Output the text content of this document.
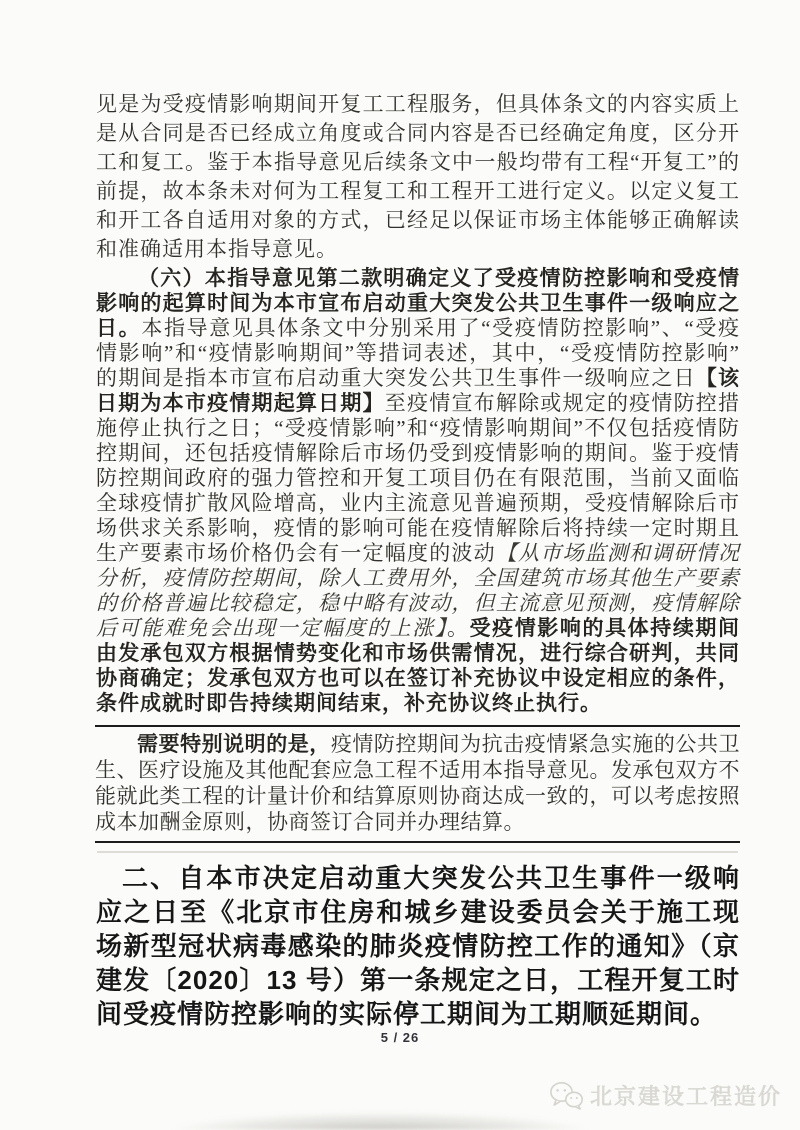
见是为受疫情影响期间开复工工程服务，但具体条文的内容实质上是从合同是否已经成立角度或合同内容是否已经确定角度，区分开工和复工。鉴于本指导意见后续条文中一般均带有工程“开复工”的前提，故本条未对何为工程复工和工程开工进行定义。以定义复工和开工各自适用对象的方式，已经足以保证市场主体能够正确解读和准确适用本指导意见。

（六）本指导意见第二款明确定义了受疫情防控影响和受疫情影响的起算时间为本市宣布启动重大突发公共卫生事件一级响应之日。本指导意见具体条文中分别采用了“受疫情防控影响”、“受疫情影响”和“疫情影响期间”等措词表述，其中，“受疫情防控影响”的期间是指本市宣布启动重大突发公共卫生事件一级响应之日【该日期为本市疫情期起算日期】至疫情宣布解除或规定的疫情防控措施停止执行之日；“受疫情影响”和“疫情影响期间”不仅包括疫情防控期间，还包括疫情解除后市场仍受到疫情影响的期间。鉴于疫情防控期间政府的强力管控和开复工项目仍在有限范围，当前又面临全球疫情扩散风险增高，业内主流意见普遍预期，受疫情解除后市场供求关系影响，疫情的影响可能在疫情解除后将持续一定时期且生产要素市场价格仍会有一定幅度的波动【从市场监测和调研情况分析，疫情防控期间，除人工费用外，全国建筑市场其他生产要素的价格普遍比较稳定，稳中略有波动，但主流意见预测，疫情解除后可能难免会出现一定幅度的上涨】。受疫情影响的具体持续期间由发承包双方根据情势变化和市场供需情况，进行综合研判，共同协商确定；发承包双方也可以在签订补充协议中设定相应的条件，条件成就时即告持续期间结束，补充协议终止执行。

需要特别说明的是，疫情防控期间为抗击疫情紧急实施的公共卫生、医疗设施及其他配套应急工程不适用本指导意见。发承包双方不能就此类工程的计量计价和结算原则协商达成一致的，可以考虑按照成本加酬金原则，协商签订合同并办理结算。

二、自本市决定启动重大突发公共卫生事件一级响应之日至《北京市住房和城乡建设委员会关于施工现场新型冠状病毒感染的肺炎疫情防控工作的通知》（京建发〔2020〕13 号）第一条规定之日，工程开复工时间受疫情防控影响的实际停工期间为工期顺延期间。

5 / 26
北京建设工程造价
